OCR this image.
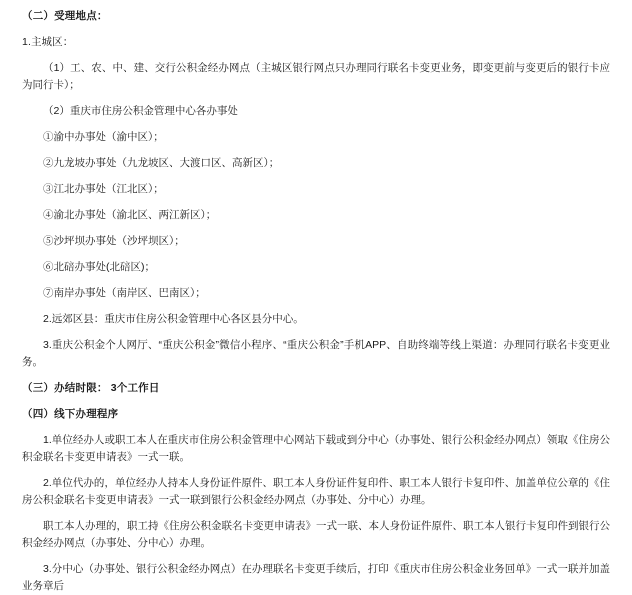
（二）受理地点：

1.主城区：

（1）工、农、中、建、交行公积金经办网点（主城区银行网点只办理同行联名卡变更业务，即变更前与变更后的银行卡应为同行卡）；

（2）重庆市住房公积金管理中心各办事处

①渝中办事处（渝中区）；

②九龙坡办事处（九龙坡区、大渡口区、高新区）；

③江北办事处（江北区）；

④渝北办事处（渝北区、两江新区）；

⑤沙坪坝办事处（沙坪坝区）；

⑥北碚办事处(北碚区)；

⑦南岸办事处（南岸区、巴南区）；

2.远郊区县：重庆市住房公积金管理中心各区县分中心。

3.重庆公积金个人网厅、“重庆公积金”微信小程序、“重庆公积金”手机APP、自助终端等线上渠道：办理同行联名卡变更业务。

（三）办结时限： 3个工作日

（四）线下办理程序

1.单位经办人或职工本人在重庆市住房公积金管理中心网站下载或到分中心（办事处、银行公积金经办网点）领取《住房公积金联名卡变更申请表》一式一联。

2.单位代办的，单位经办人持本人身份证件原件、职工本人身份证件复印件、职工本人银行卡复印件、加盖单位公章的《住房公积金联名卡变更申请表》一式一联到银行公积金经办网点（办事处、分中心）办理。

职工本人办理的，职工持《住房公积金联名卡变更申请表》一式一联、本人身份证件原件、职工本人银行卡复印件到银行公积金经办网点（办事处、分中心）办理。

3.分中心（办事处、银行公积金经办网点）在办理联名卡变更手续后，打印《重庆市住房公积金业务回单》一式一联并加盖业务章后
